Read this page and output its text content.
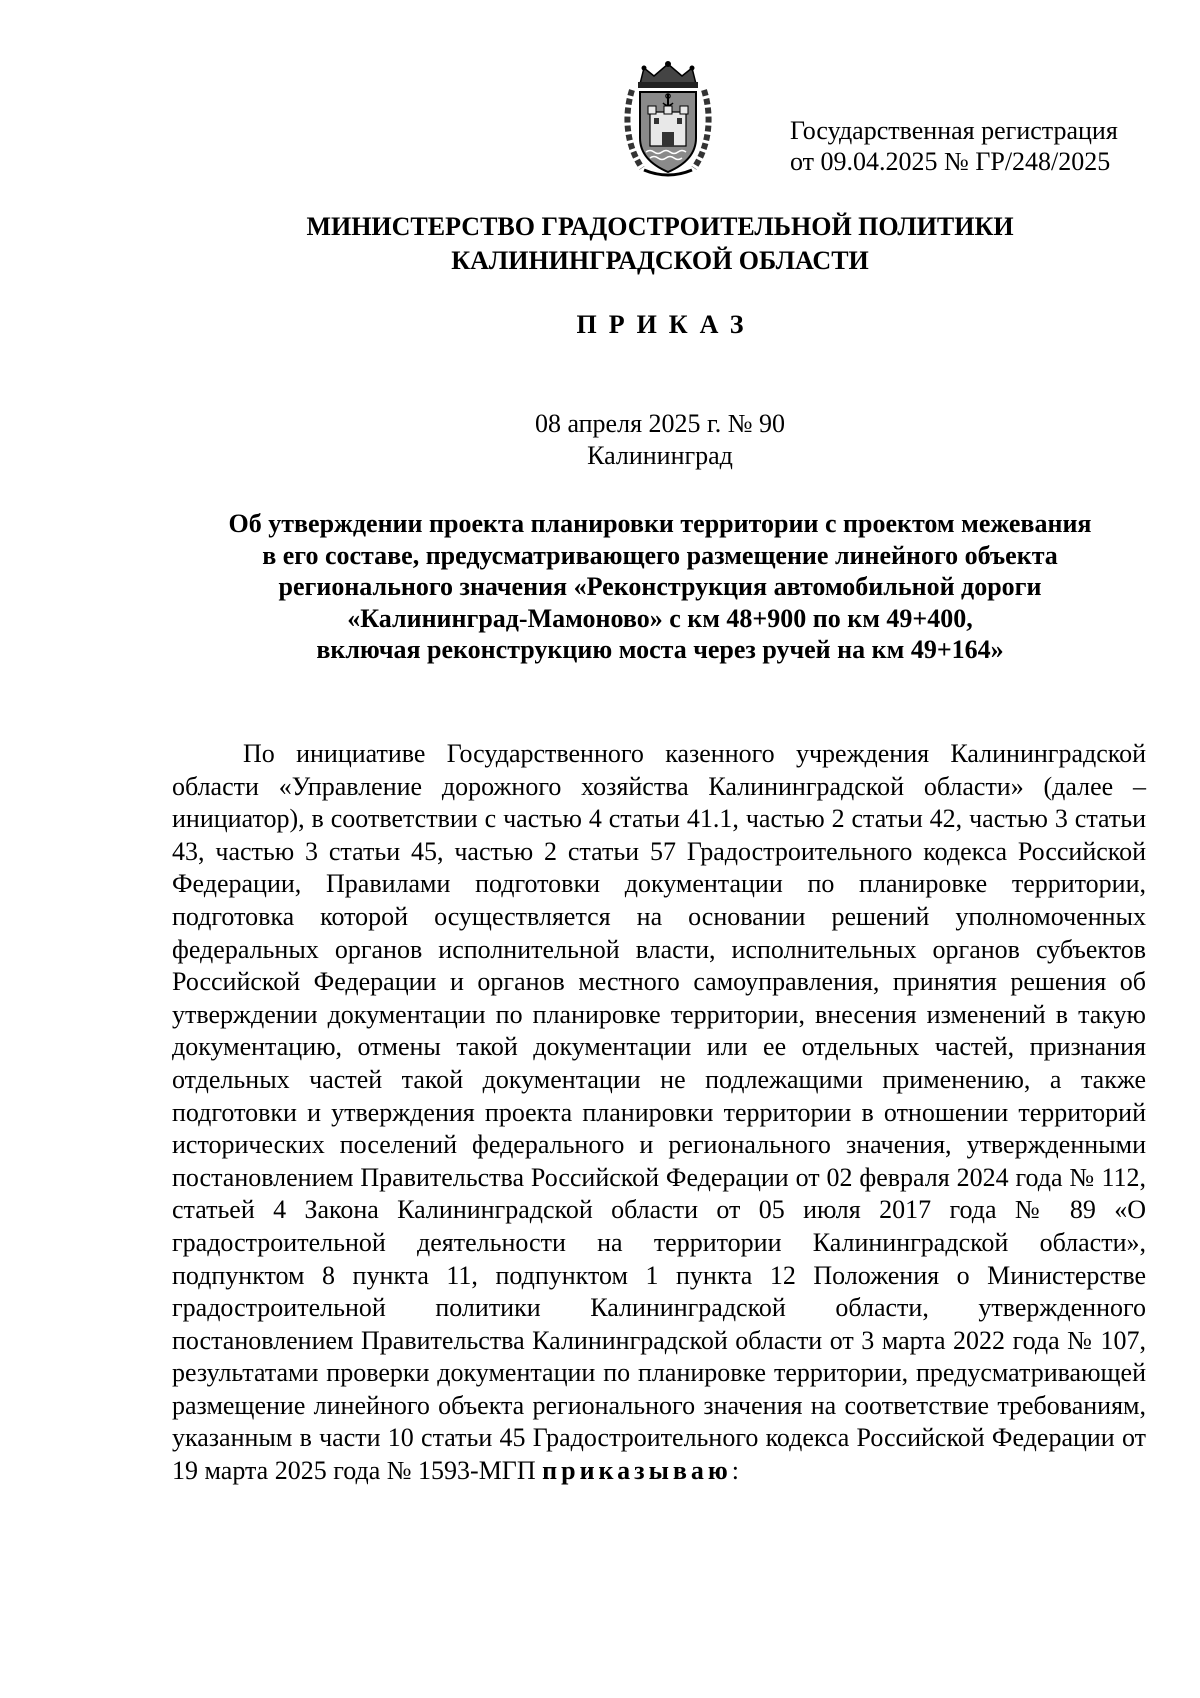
Государственная регистрация
от 09.04.2025 № ГР/248/2025
МИНИСТЕРСТВО ГРАДОСТРОИТЕЛЬНОЙ ПОЛИТИКИ
КАЛИНИНГРАДСКОЙ ОБЛАСТИ
ПРИКАЗ
08 апреля 2025 г. № 90
Калининград
Об утверждении проекта планировки территории с проектом межевания
в его составе, предусматривающего размещение линейного объекта
регионального значения «Реконструкция автомобильной дороги
«Калининград-Мамоново» с км 48+900 по км 49+400,
включая реконструкцию моста через ручей на км 49+164»

По инициативе Государственного казенного учреждения Калининградской области «Управление дорожного хозяйства Калининградской области» (далее – инициатор), в соответствии с частью 4 статьи 41.1, частью 2 статьи 42, частью 3 статьи 43, частью 3 статьи 45, частью 2 статьи 57 Градостроительного кодекса Российской Федерации, Правилами подготовки документации по планировке территории, подготовка которой осуществляется на основании решений уполномоченных федеральных органов исполнительной власти, исполнительных органов субъектов Российской Федерации и органов местного самоуправления, принятия решения об утверждении документации по планировке территории, внесения изменений в такую документацию, отмены такой документации или ее отдельных частей, признания отдельных частей такой документации не подлежащими применению, а также подготовки и утверждения проекта планировки территории в отношении территорий исторических поселений федерального и регионального значения, утвержденными постановлением Правительства Российской Федерации от 02 февраля 2024 года № 112, статьей 4 Закона Калининградской области от 05 июля 2017 года № 89 «О градостроительной деятельности на территории Калининградской области», подпунктом 8 пункта 11, подпунктом 1 пункта 12 Положения о Министерстве градостроительной политики Калининградской области, утвержденного постановлением Правительства Калининградской области от 3 марта 2022 года № 107, результатами проверки документации по планировке территории, предусматривающей размещение линейного объекта регионального значения на соответствие требованиям, указанным в части 10 статьи 45 Градостроительного кодекса Российской Федерации от 19 марта 2025 года № 1593-МГП приказываю:
